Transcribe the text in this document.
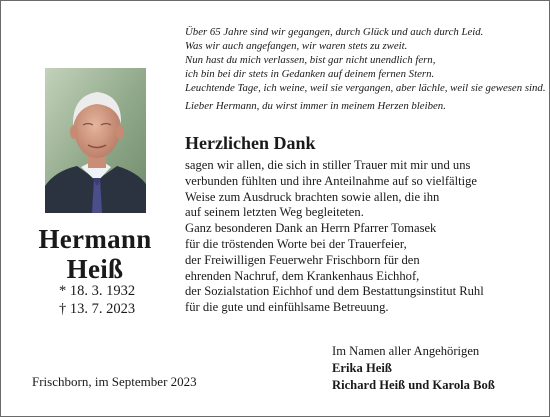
Hermann
Heiß
* 18. 3. 1932
† 13. 7. 2023
Über 65 Jahre sind wir gegangen, durch Glück und auch durch Leid.
Was wir auch angefangen, wir waren stets zu zweit.
Nun hast du mich verlassen, bist gar nicht unendlich fern,
ich bin bei dir stets in Gedanken auf deinem fernen Stern.
Leuchtende Tage, ich weine, weil sie vergangen, aber lächle, weil sie gewesen sind.
Lieber Hermann, du wirst immer in meinem Herzen bleiben.
Herzlichen Dank
sagen wir allen, die sich in stiller Trauer mit mir und uns
verbunden fühlten und ihre Anteilnahme auf so vielfältige
Weise zum Ausdruck brachten sowie allen, die ihn
auf seinem letzten Weg begleiteten.
Ganz besonderen Dank an Herrn Pfarrer Tomasek
für die tröstenden Worte bei der Trauerfeier,
der Freiwilligen Feuerwehr Frischborn für den
ehrenden Nachruf, dem Krankenhaus Eichhof,
der Sozialstation Eichhof und dem Bestattungsinstitut Ruhl
für die gute und einfühlsame Betreuung.
Frischborn, im September 2023
Im Namen aller Angehörigen
Erika Heiß
Richard Heiß und Karola Boß
